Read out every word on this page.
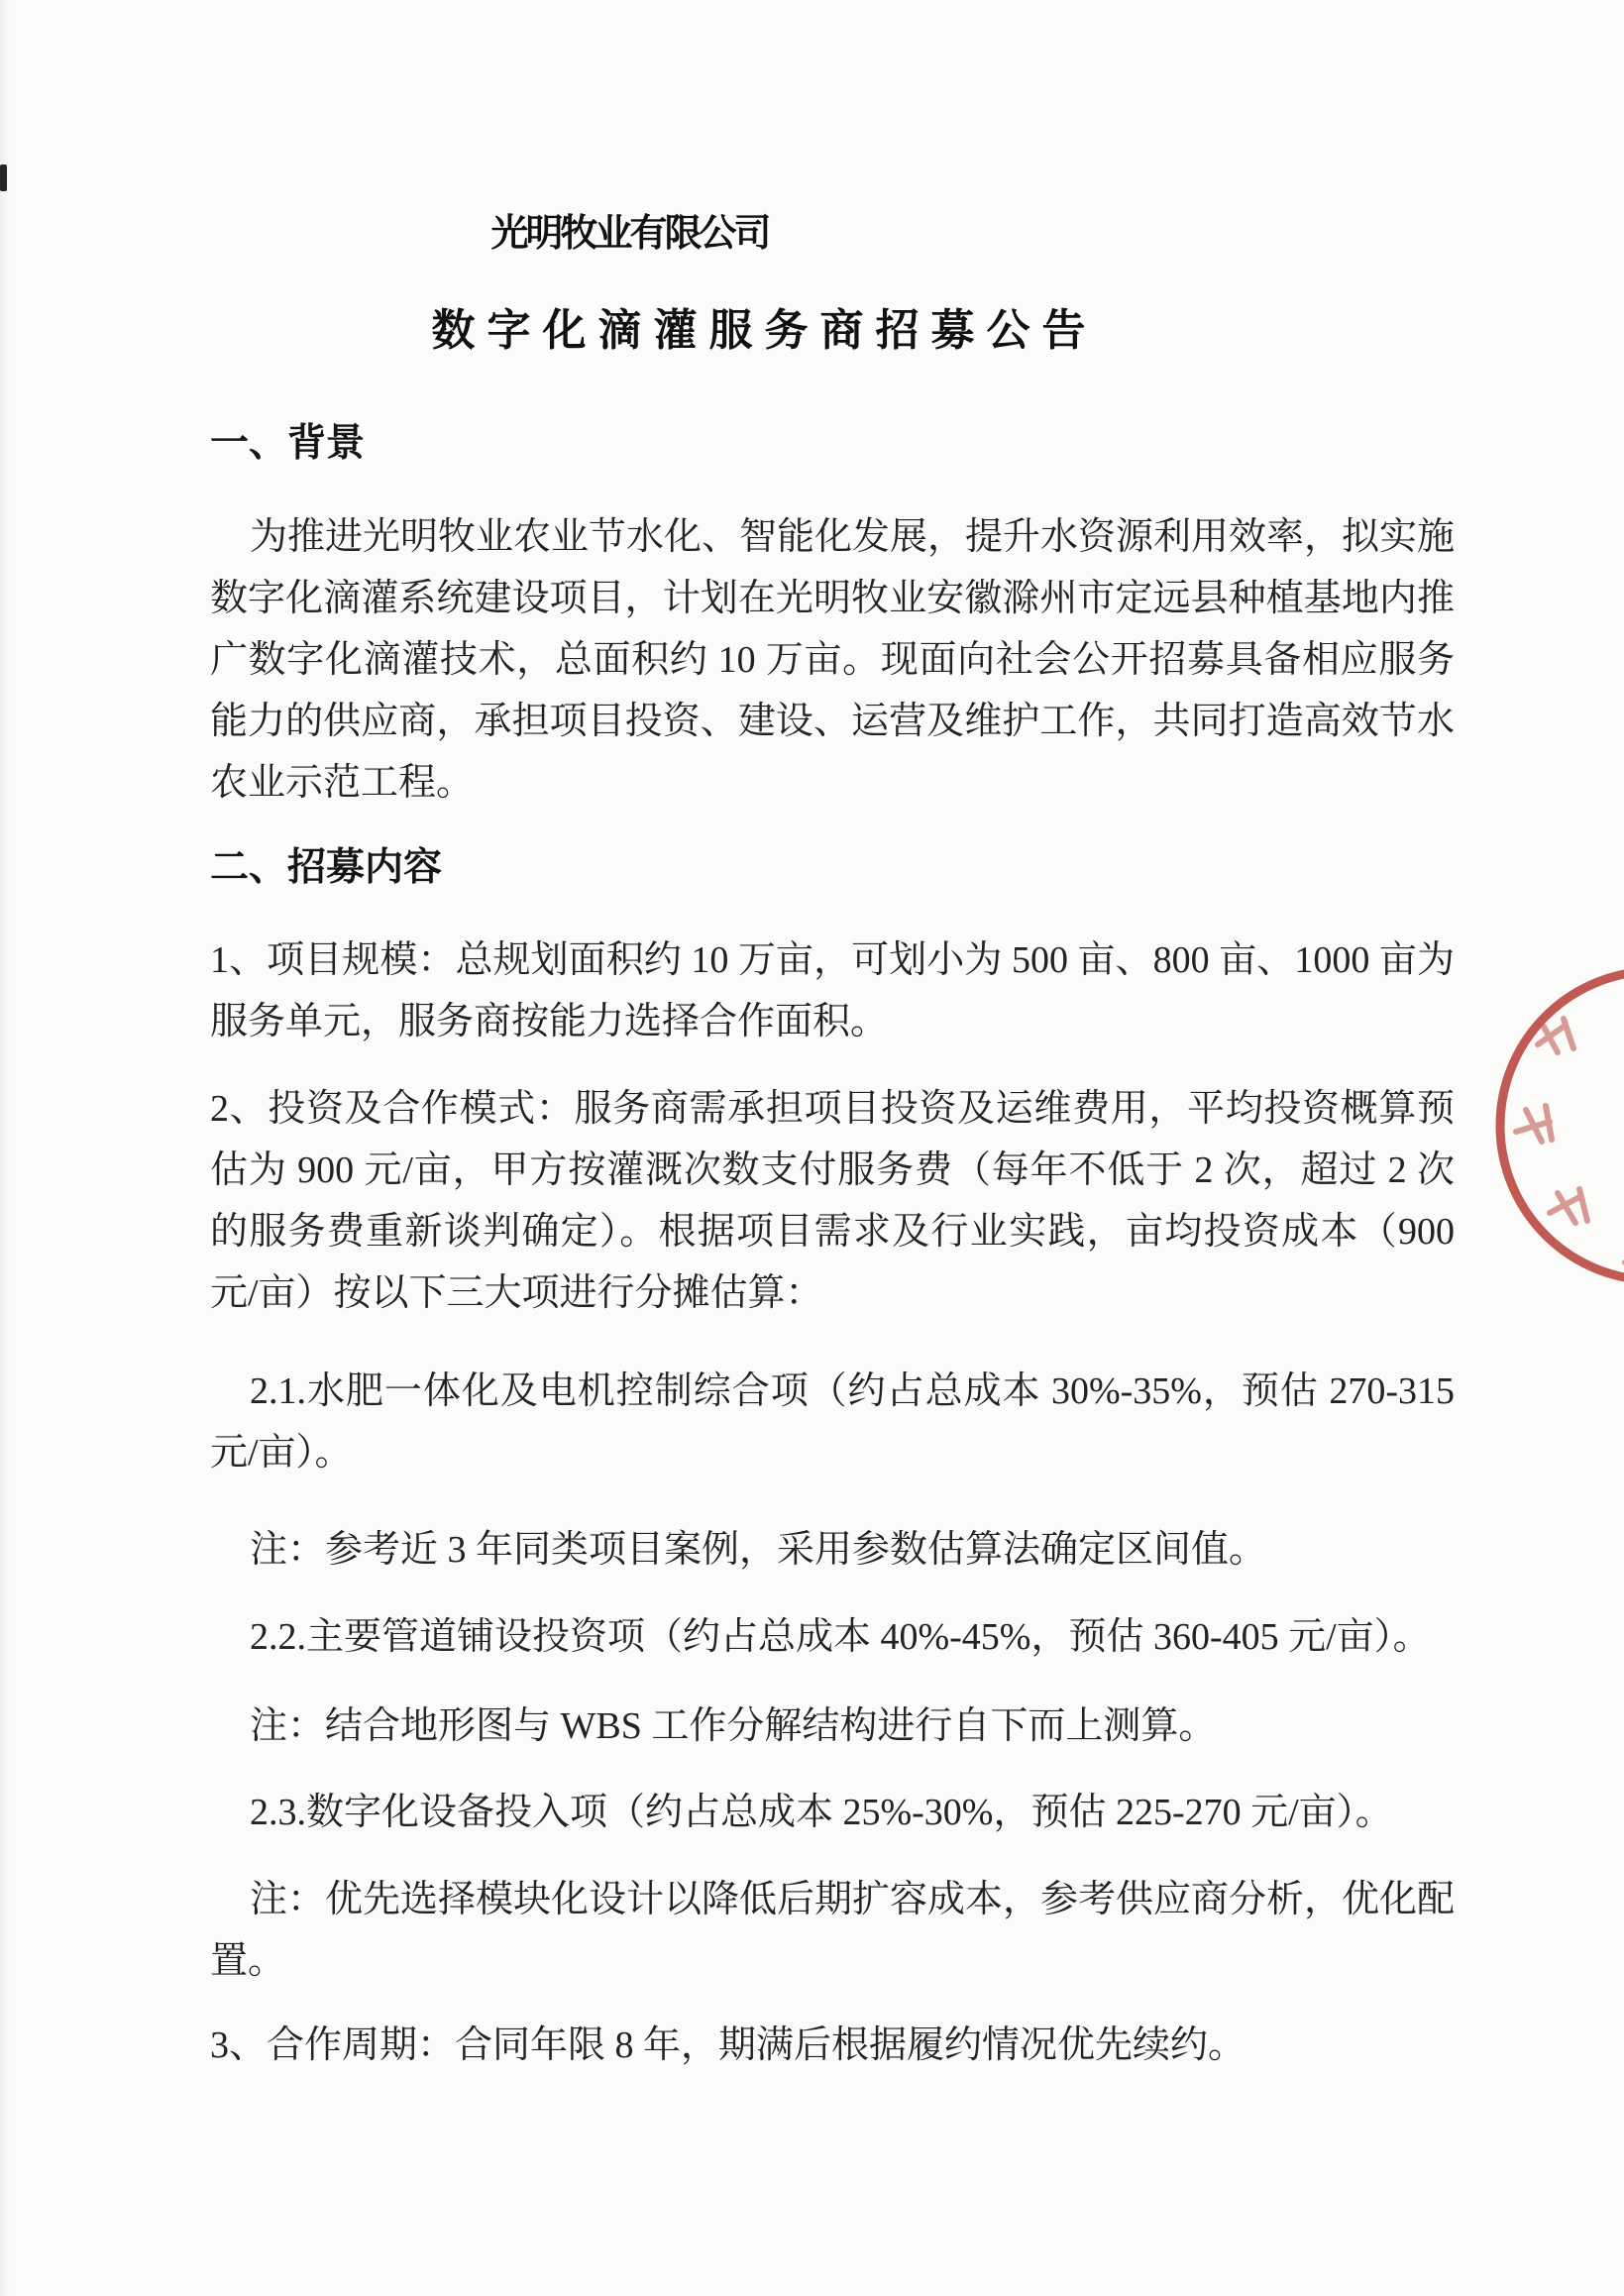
光明牧业有限公司
数字化滴灌服务商招募公告
一、背景
为推进光明牧业农业节水化、智能化发展，提升水资源利用效率，拟实施数字化滴灌系统建设项目，计划在光明牧业安徽滁州市定远县种植基地内推广数字化滴灌技术，总面积约 10 万亩。现面向社会公开招募具备相应服务能力的供应商，承担项目投资、建设、运营及维护工作，共同打造高效节水农业示范工程。
二、招募内容
1、项目规模：总规划面积约 10 万亩，可划小为 500 亩、800 亩、1000 亩为服务单元，服务商按能力选择合作面积。
2、投资及合作模式：服务商需承担项目投资及运维费用，平均投资概算预估为 900 元/亩，甲方按灌溉次数支付服务费（每年不低于 2 次，超过 2 次的服务费重新谈判确定）。根据项目需求及行业实践，亩均投资成本（900 元/亩）按以下三大项进行分摊估算：
2.1.水肥一体化及电机控制综合项（约占总成本 30%-35%，预估 270-315 元/亩）。
注：参考近 3 年同类项目案例，采用参数估算法确定区间值。
2.2.主要管道铺设投资项（约占总成本 40%-45%，预估 360-405 元/亩）。
注：结合地形图与 WBS 工作分解结构进行自下而上测算。
2.3.数字化设备投入项（约占总成本 25%-30%，预估 225-270 元/亩）。
注：优先选择模块化设计以降低后期扩容成本，参考供应商分析，优化配置。
3、合作周期：合同年限 8 年，期满后根据履约情况优先续约。
